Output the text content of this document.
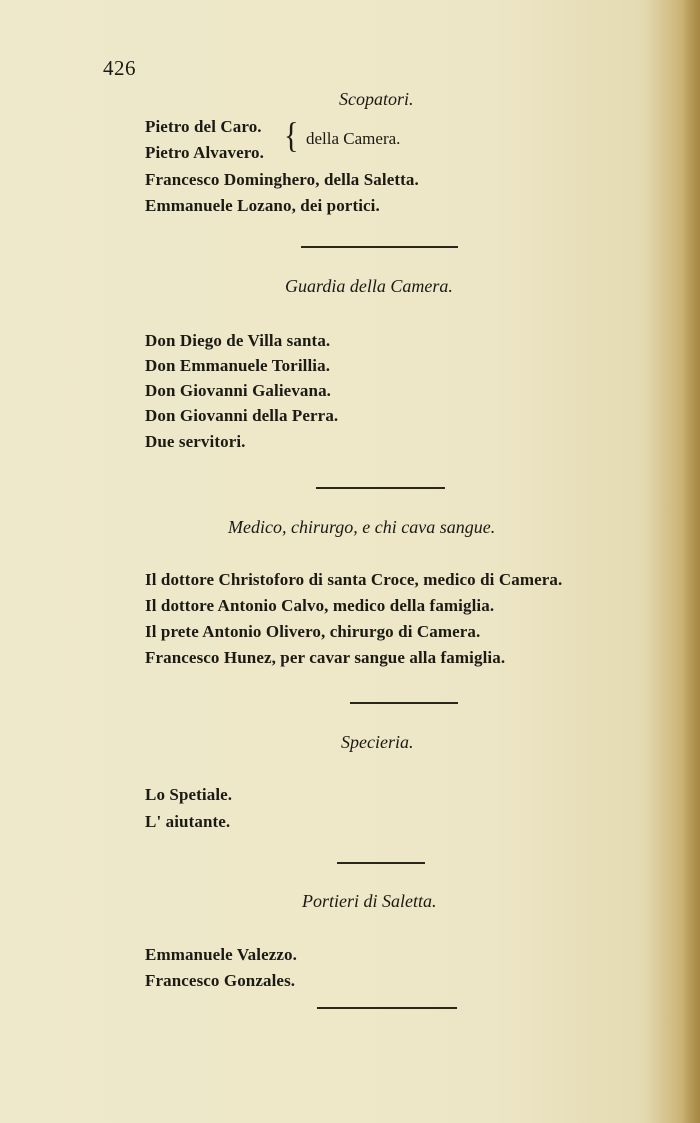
426
Scopatori.
Pietro del Caro.
Pietro Alvavero. { della Camera.
Francesco Dominghero, della Saletta.
Emmanuele Lozano, dei portici.
Guardia della Camera.
Don Diego de Villa santa.
Don Emmanuele Torillia.
Don Giovanni Galievana.
Don Giovanni della Perra.
Due servitori.
Medico, chirurgo, e chi cava sangue.
Il dottore Christoforo di santa Croce, medico di Camera.
Il dottore Antonio Calvo, medico della famiglia.
Il prete Antonio Olivero, chirurgo di Camera.
Francesco Hunez, per cavar sangue alla famiglia.
Specieria.
Lo Spetiale.
L' aiutante.
Portieri di Saletta.
Emmanuele Valezzo.
Francesco Gonzales.
